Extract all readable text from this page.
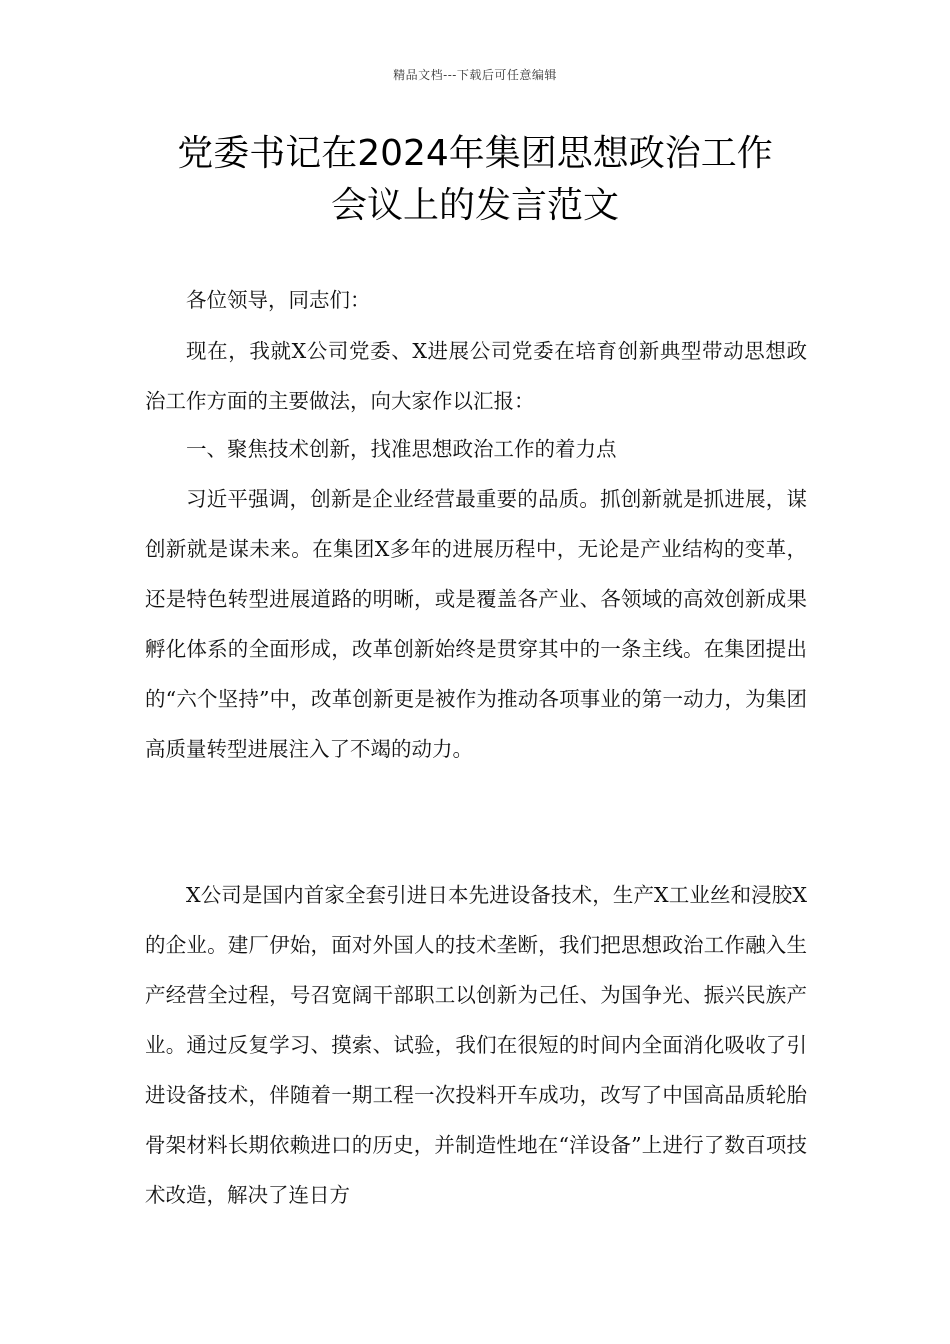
精品文档---下载后可任意编辑
党委书记在2024年集团思想政治工作
会议上的发言范文

各位领导，同志们：

现在，我就X公司党委、X进展公司党委在培育创新典型带动思想政治工作方面的主要做法，向大家作以汇报：

一、聚焦技术创新，找准思想政治工作的着力点

习近平强调，创新是企业经营最重要的品质。抓创新就是抓进展，谋创新就是谋未来。在集团X多年的进展历程中，无论是产业结构的变革，还是特色转型进展道路的明晰，或是覆盖各产业、各领域的高效创新成果孵化体系的全面形成，改革创新始终是贯穿其中的一条主线。在集团提出的“六个坚持”中，改革创新更是被作为推动各项事业的第一动力，为集团高质量转型进展注入了不竭的动力。

X公司是国内首家全套引进日本先进设备技术，生产X工业丝和浸胶X的企业。建厂伊始，面对外国人的技术垄断，我们把思想政治工作融入生产经营全过程，号召宽阔干部职工以创新为己任、为国争光、振兴民族产业。通过反复学习、摸索、试验，我们在很短的时间内全面消化吸收了引进设备技术，伴随着一期工程一次投料开车成功，改写了中国高品质轮胎骨架材料长期依赖进口的历史，并制造性地在“洋设备”上进行了数百项技术改造，解决了连日方
